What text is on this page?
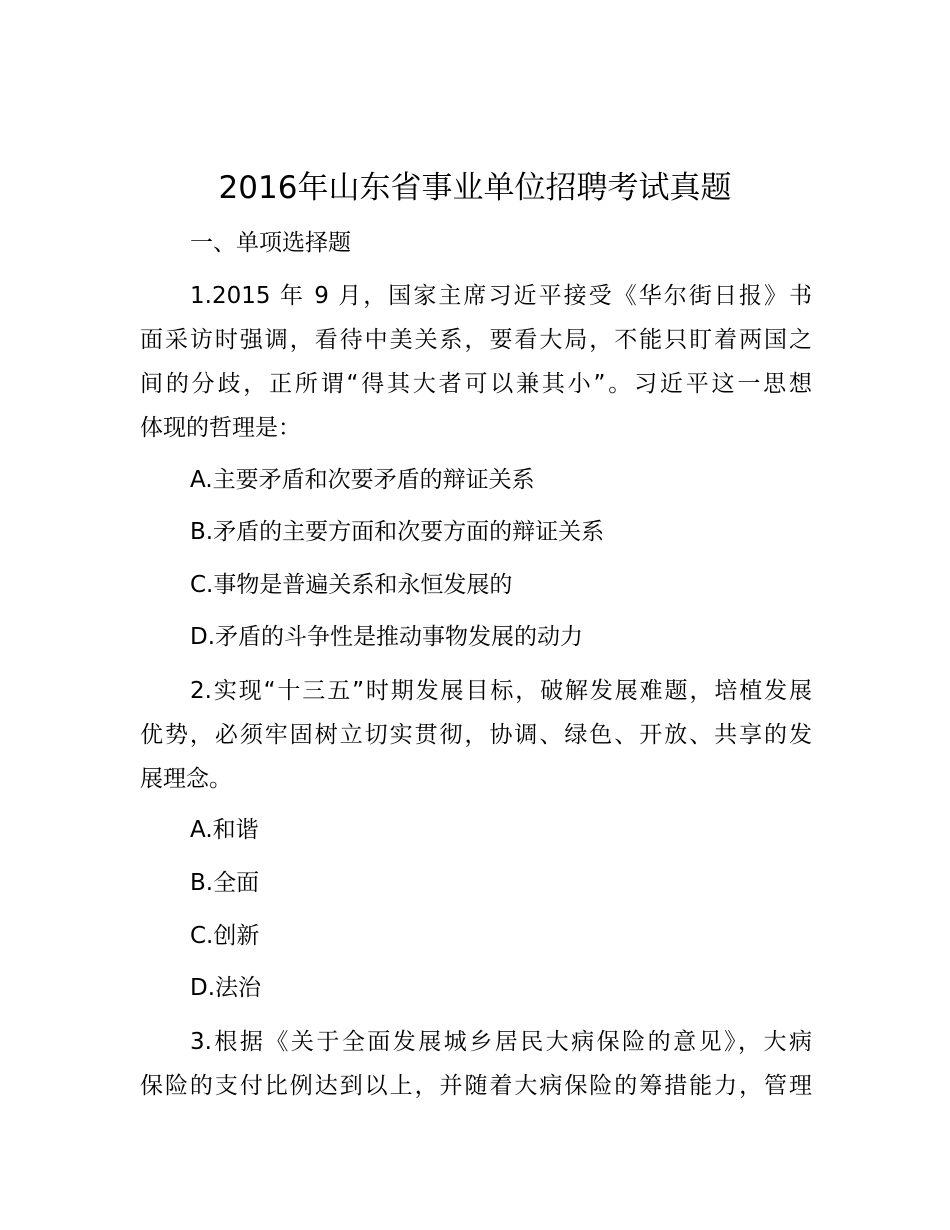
2016年山东省事业单位招聘考试真题
一、单项选择题
1.2015 年 9 月，国家主席习近平接受《华尔街日报》书
面采访时强调，看待中美关系，要看大局，不能只盯着两国之
间的分歧，正所谓“得其大者可以兼其小”。习近平这一思想
体现的哲理是：
A.主要矛盾和次要矛盾的辩证关系
B.矛盾的主要方面和次要方面的辩证关系
C.事物是普遍关系和永恒发展的
D.矛盾的斗争性是推动事物发展的动力
2.实现“十三五”时期发展目标，破解发展难题，培植发展
优势，必须牢固树立切实贯彻，协调、绿色、开放、共享的发
展理念。
A.和谐
B.全面
C.创新
D.法治
3.根据《关于全面发展城乡居民大病保险的意见》，大病
保险的支付比例达到以上，并随着大病保险的筹措能力，管理
